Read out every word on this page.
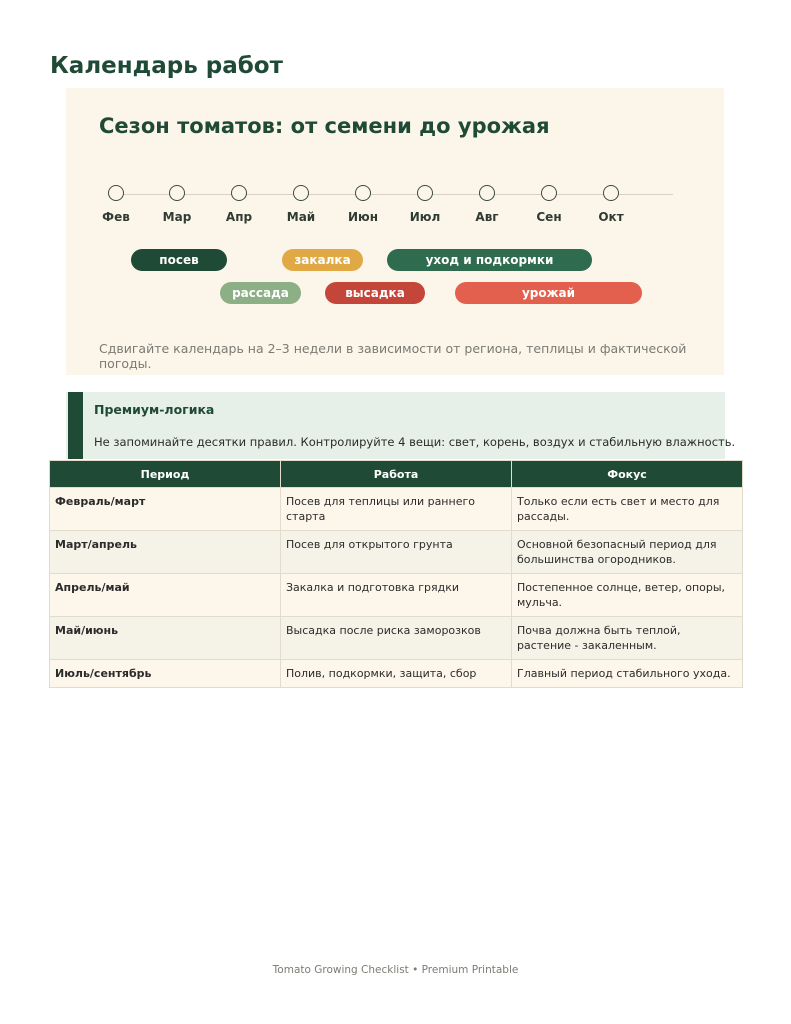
Календарь работ
Сезон томатов: от семени до урожая
Фев	Мар	Апр	Май	Июн	Июл	Авг	Сен	Окт
посев	закалка	уход и подкормки
рассада	высадка	урожай

Сдвигайте календарь на 2–3 недели в зависимости от региона, теплицы и фактической погоды.

Премиум-логика
Не запоминайте десятки правил. Контролируйте 4 вещи: свет, корень, воздух и стабильную влажность.
Период	Работа	Фокус
Февраль/март	Посев для теплицы или раннего старта	Только если есть свет и место для рассады.
Март/апрель	Посев для открытого грунта	Основной безопасный период для большинства огородников.
Апрель/май	Закалка и подготовка грядки	Постепенное солнце, ветер, опоры, мульча.
Май/июнь	Высадка после риска заморозков	Почва должна быть теплой, растение - закаленным.
Июль/сентябрь	Полив, подкормки, защита, сбор	Главный период стабильного ухода.
Tomato Growing Checklist • Premium Printable
